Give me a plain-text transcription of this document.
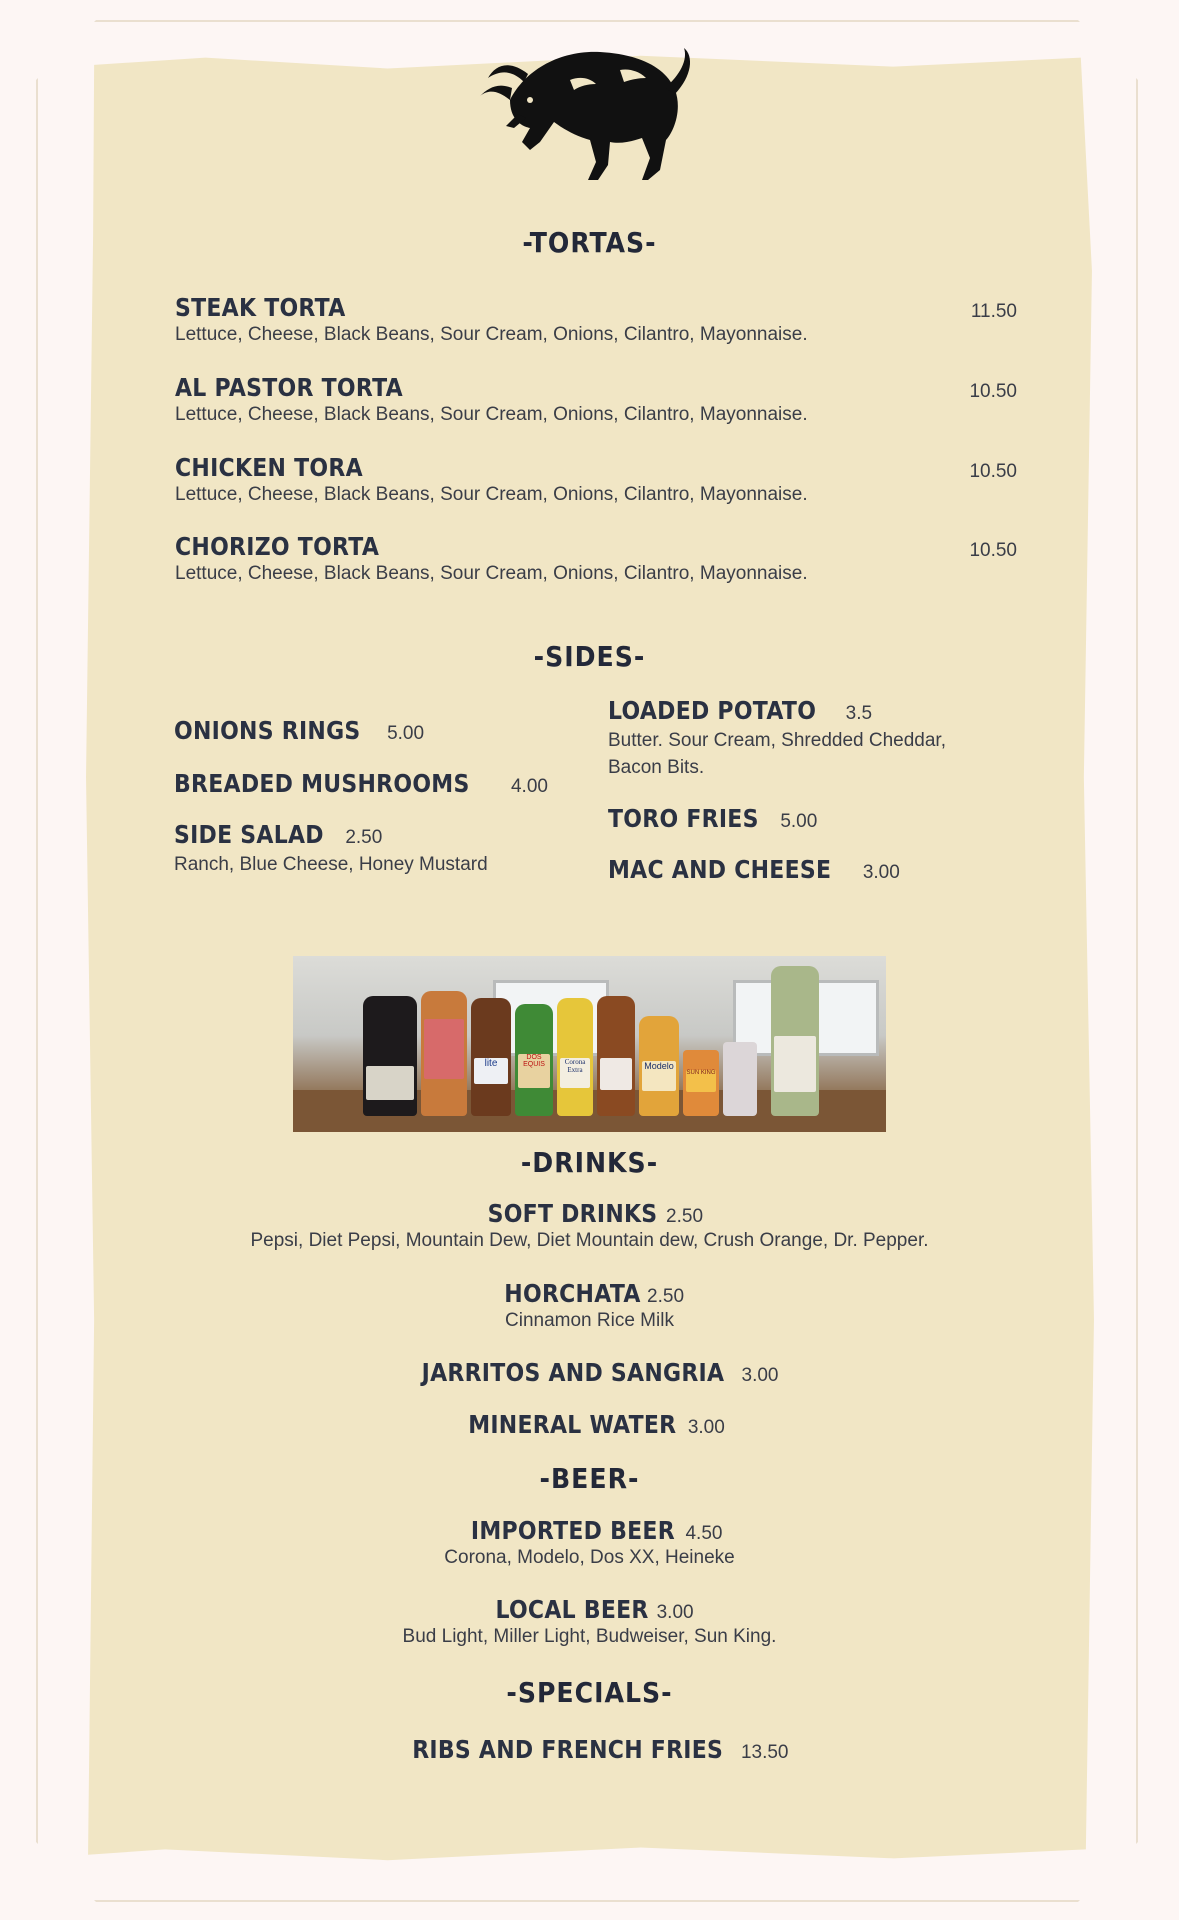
-TORTAS-
STEAK TORTA	11.50
Lettuce, Cheese, Black Beans, Sour Cream, Onions, Cilantro, Mayonnaise.
AL PASTOR TORTA	10.50
Lettuce, Cheese, Black Beans, Sour Cream, Onions, Cilantro, Mayonnaise.
CHICKEN TORA	10.50
Lettuce, Cheese, Black Beans, Sour Cream, Onions, Cilantro, Mayonnaise.
CHORIZO TORTA	10.50
Lettuce, Cheese, Black Beans, Sour Cream, Onions, Cilantro, Mayonnaise.
-SIDES-
ONIONS RINGS 5.00
BREADED MUSHROOMS 4.00
SIDE SALAD 2.50
Ranch, Blue Cheese, Honey Mustard
LOADED POTATO 3.5
Butter. Sour Cream, Shredded Cheddar, Bacon Bits.
TORO FRIES 5.00
MAC AND CHEESE 3.00
lite
DOS EQUIS	Corona Extra	Modelo
SUN KING
-DRINKS-
SOFT DRINKS 2.50
Pepsi, Diet Pepsi, Mountain Dew, Diet Mountain dew, Crush Orange, Dr. Pepper.
HORCHATA 2.50
Cinnamon Rice Milk
JARRITOS AND SANGRIA 3.00
MINERAL WATER 3.00
-BEER-
IMPORTED BEER 4.50
Corona, Modelo, Dos XX, Heineke
LOCAL BEER 3.00
Bud Light, Miller Light, Budweiser, Sun King.
-SPECIALS-
RIBS AND FRENCH FRIES 13.50
